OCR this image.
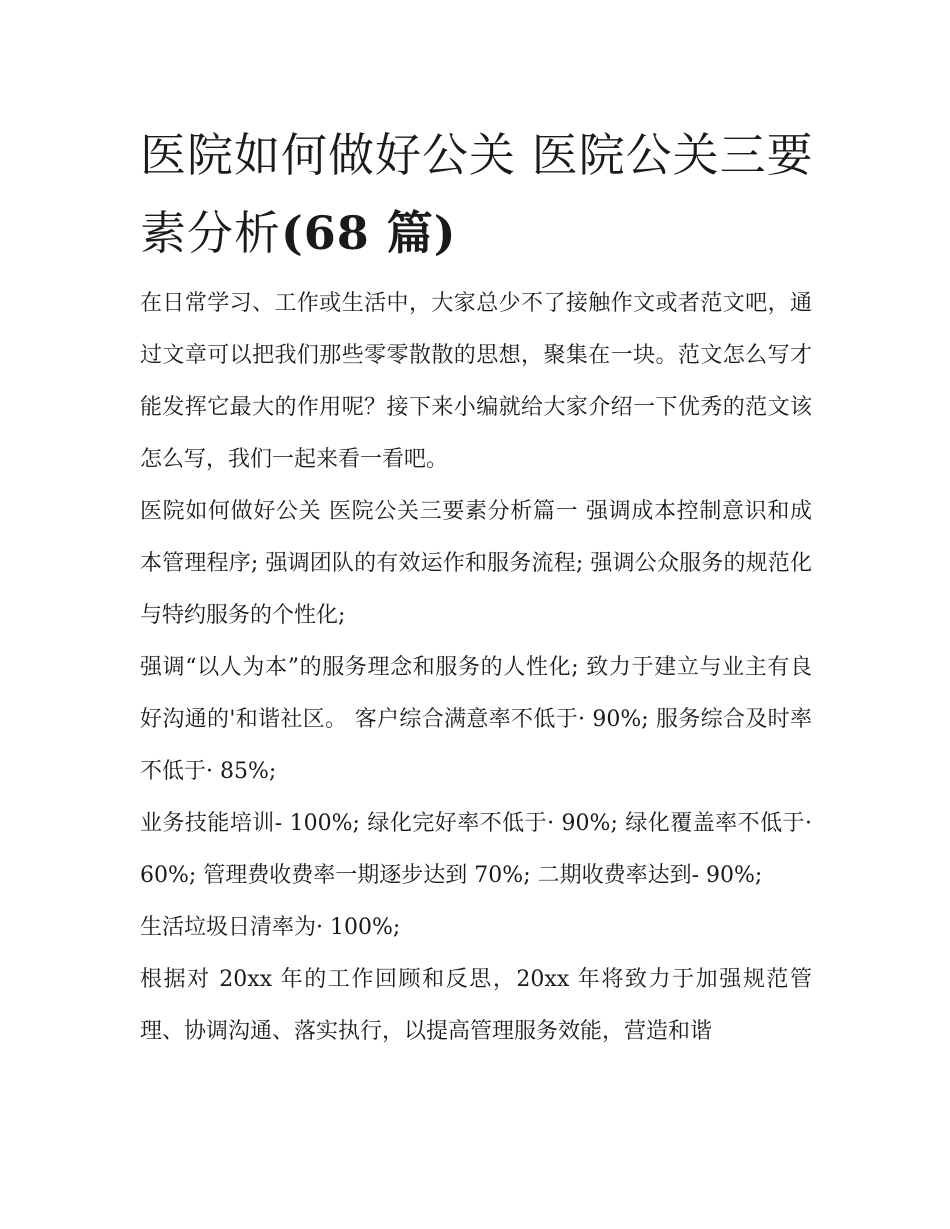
医院如何做好公关 医院公关三要素分析(68 篇)

在日常学习、工作或生活中，大家总少不了接触作文或者范文吧，通过文章可以把我们那些零零散散的思想，聚集在一块。范文怎么写才能发挥它最大的作用呢？接下来小编就给大家介绍一下优秀的范文该怎么写，我们一起来看一看吧。

医院如何做好公关 医院公关三要素分析篇一 强调成本控制意识和成本管理程序; 强调团队的有效运作和服务流程; 强调公众服务的规范化与特约服务的个性化;

强调“以人为本”的服务理念和服务的人性化; 致力于建立与业主有良好沟通的'和谐社区。 客户综合满意率不低于· 90%; 服务综合及时率不低于· 85%;

业务技能培训- 100%; 绿化完好率不低于· 90%; 绿化覆盖率不低于· 60%; 管理费收费率一期逐步达到 70%; 二期收费率达到- 90%;

生活垃圾日清率为· 100%;

根据对 20xx 年的工作回顾和反思，20xx 年将致力于加强规范管理、协调沟通、落实执行，以提高管理服务效能，营造和谐
